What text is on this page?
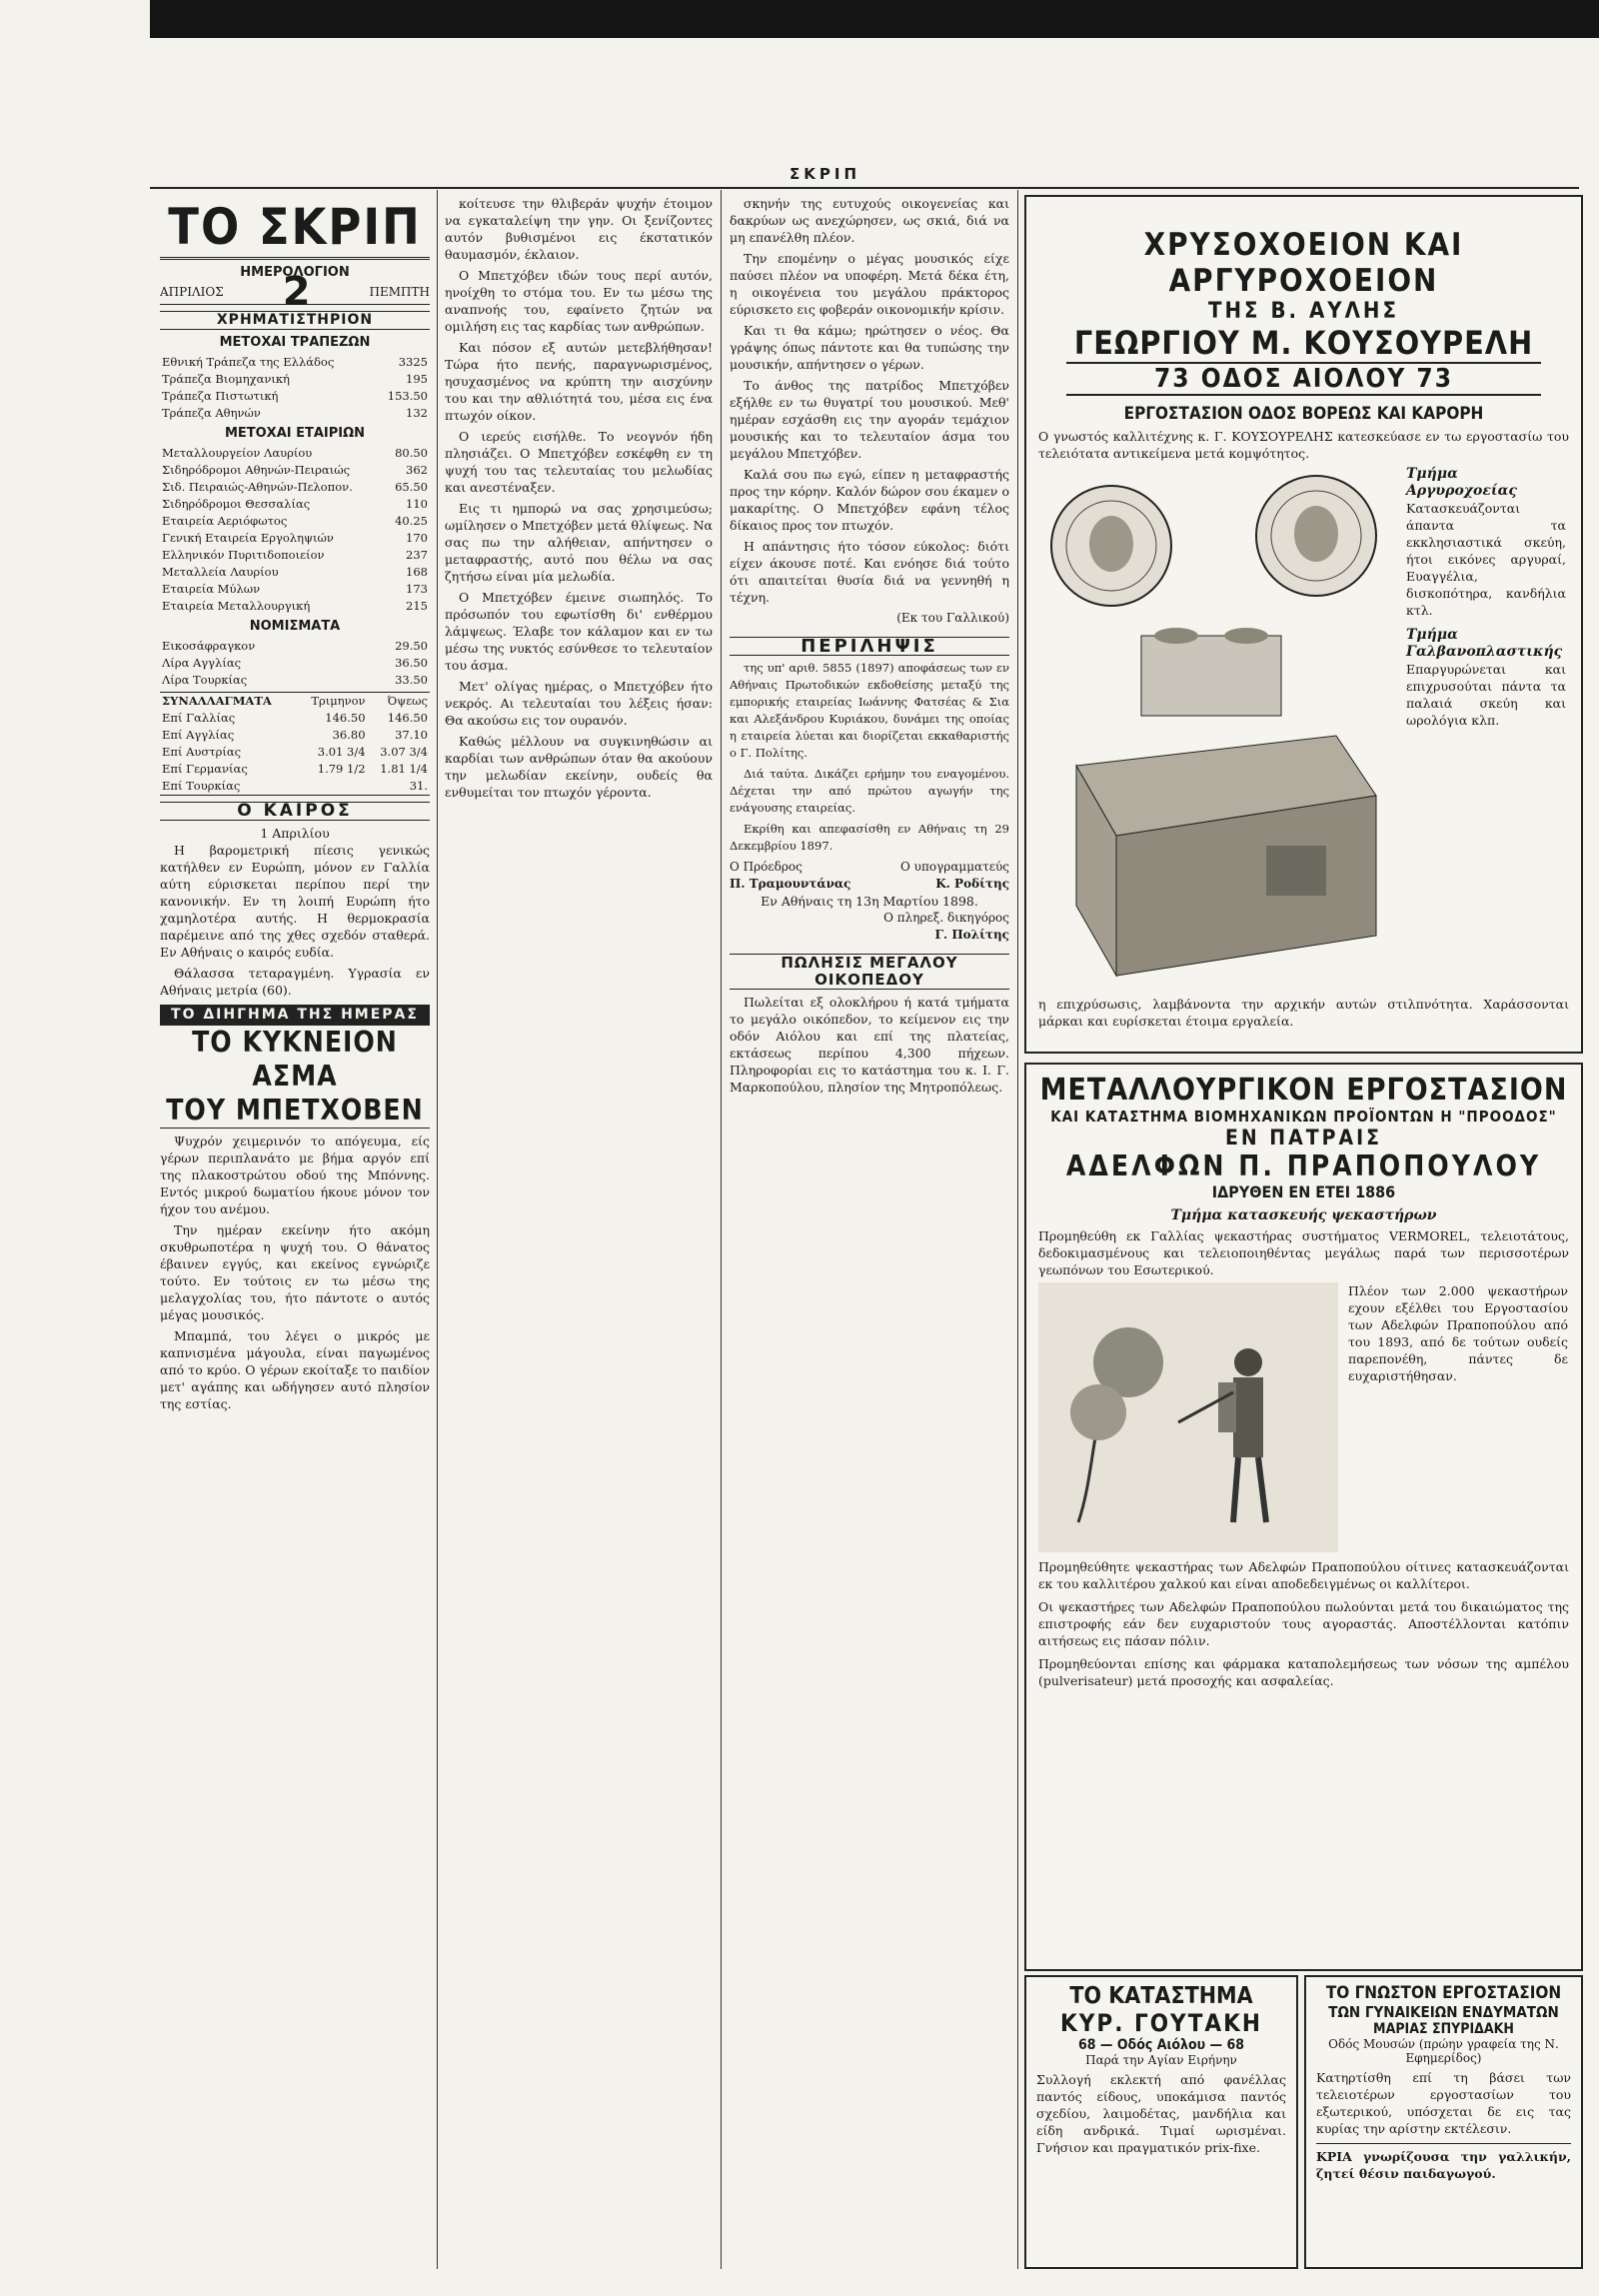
ΣΚΡΙΠ
ΤΟ ΣΚΡΙΠ
ΗΜΕΡΟΛΟΓΙΟΝ
ΑΠΡΙΛΙΟΣ 2	ΠΕΜΠΤΗ
ΧΡΗΜΑΤΙΣΤΗΡΙΟΝ
ΜΕΤΟΧΑΙ ΤΡΑΠΕΖΩΝ
Εθνική Τράπεζα της Ελλάδος	3325
Τράπεζα Βιομηχανική	195
Τράπεζα Πιστωτική	153.50
Τράπεζα Αθηνών	132
ΜΕΤΟΧΑΙ ΕΤΑΙΡΙΩΝ
Μεταλλουργείον Λαυρίου	80.50
Σιδηρόδρομοι Αθηνών-Πειραιώς	362
Σιδ. Πειραιώς-Αθηνών-Πελοπον.	65.50
Σιδηρόδρομοι Θεσσαλίας	110
Εταιρεία Αεριόφωτος	40.25
Γενική Εταιρεία Εργοληψιών	170
Ελληνικόν Πυριτιδοποιείον	237
Μεταλλεία Λαυρίου	168
Εταιρεία Μύλων	173
Εταιρεία Μεταλλουργική	215
ΝΟΜΙΣΜΑΤΑ
Εικοσάφραγκον	29.50
Λίρα Αγγλίας	36.50
Λίρα Τουρκίας	33.50
ΣΥΝΑΛΛΑΓΜΑΤΑ	Τριμηνον	Όψεως
Επί Γαλλίας	146.50	146.50
Επί Αγγλίας	36.80	37.10
Επί Αυστρίας	3.01 3/4	3.07 3/4
Επί Γερμανίας	1.79 1/2	1.81 1/4
Επί Τουρκίας		31.
Ο ΚΑΙΡΟΣ
1 Απριλίου

Η βαρομετρική πίεσις γενικώς κατήλθεν εν Ευρώπη, μόνον εν Γαλλία αύτη εύρισκεται περίπου περί την κανονικήν. Εν τη λοιπή Ευρώπη ήτο χαμηλοτέρα αυτής. Η θερμοκρασία παρέμεινε από της χθες σχεδόν σταθερά. Εν Αθήναις ο καιρός ευδία.

Θάλασσα τεταραγμένη. Υγρασία εν Αθήναις μετρία (60).

ΤΟ ΔΙΗΓΗΜΑ ΤΗΣ ΗΜΕΡΑΣ
ΤΟ ΚΥΚΝΕΙΟΝ ΑΣΜΑ
ΤΟΥ ΜΠΕΤΧΟΒΕΝ

Ψυχρόν χειμερινόν το απόγευμα, είς γέρων περιπλανάτο με βήμα αργόν επί της πλακοστρώτου οδού της Μπόννης. Εντός μικρού δωματίου ήκουε μόνον τον ήχον του ανέμου.

Την ημέραν εκείνην ήτο ακόμη σκυθρωποτέρα η ψυχή του. Ο θάνατος έβαινεν εγγύς, και εκείνος εγνώριζε τούτο. Εν τούτοις εν τω μέσω της μελαγχολίας του, ήτο πάντοτε ο αυτός μέγας μουσικός.

Μπαμπά, του λέγει ο μικρός με καπνισμένα μάγουλα, είναι παγωμένος από το κρύο. Ο γέρων εκοίταξε το παιδίον μετ' αγάπης και ωδήγησεν αυτό πλησίον της εστίας.

κοίτευσε την θλιβεράν ψυχήν έτοιμον να εγκαταλείψη την γην. Οι ξενίζοντες αυτόν βυθισμένοι εις έκστατικόν θαυμασμόν, έκλαιον.

Ο Μπετχόβεν ιδών τους περί αυτόν, ηνοίχθη το στόμα του. Εν τω μέσω της αναπνοής του, εφαίνετο ζητών να ομιλήση εις τας καρδίας των ανθρώπων.

Και πόσον εξ αυτών μετεβλήθησαν! Τώρα ήτο πενής, παραγνωρισμένος, ησυχασμένος να κρύπτη την αισχύνην του και την αθλιότητά του, μέσα εις ένα πτωχόν οίκον.

Ο ιερεύς εισήλθε. Το νεογνόν ήδη πλησιάζει. Ο Μπετχόβεν εσκέφθη εν τη ψυχή του τας τελευταίας του μελωδίας και ανεστέναξεν.

Εις τι ημπορώ να σας χρησιμεύσω; ωμίλησεν ο Μπετχόβεν μετά θλίψεως. Να σας πω την αλήθειαν, απήντησεν ο μεταφραστής, αυτό που θέλω να σας ζητήσω είναι μία μελωδία.

Ο Μπετχόβεν έμεινε σιωπηλός. Το πρόσωπόν του εφωτίσθη δι' ενθέρμου λάμψεως. Έλαβε τον κάλαμον και εν τω μέσω της νυκτός εσύνθεσε το τελευταίον του άσμα.

Μετ' ολίγας ημέρας, ο Μπετχόβεν ήτο νεκρός. Αι τελευταίαι του λέξεις ήσαν: Θα ακούσω εις τον ουρανόν.

Καθώς μέλλουν να συγκινηθώσιν αι καρδίαι των ανθρώπων όταν θα ακούουν την μελωδίαν εκείνην, ουδείς θα ενθυμείται τον πτωχόν γέροντα.

σκηνήν της ευτυχούς οικογενείας και δακρύων ως ανεχώρησεν, ως σκιά, διά να μη επανέλθη πλέον.

Την επομένην ο μέγας μουσικός είχε παύσει πλέον να υποφέρη. Μετά δέκα έτη, η οικογένεια του μεγάλου πράκτορος εύρισκετο εις φοβεράν οικονομικήν κρίσιν.

Και τι θα κάμω; ηρώτησεν ο νέος. Θα γράψης όπως πάντοτε και θα τυπώσης την μουσικήν, απήντησεν ο γέρων.

Το άνθος της πατρίδος Μπετχόβεν εξήλθε εν τω θυγατρί του μουσικού. Μεθ' ημέραν εσχάσθη εις την αγοράν τεμάχιον μουσικής και το τελευταίον άσμα του μεγάλου Μπετχόβεν.

Καλά σου πω εγώ, είπεν η μεταφραστής προς την κόρην. Καλόν δώρον σου έκαμεν ο μακαρίτης. Ο Μπετχόβεν εφάνη τέλος δίκαιος προς τον πτωχόν.

Η απάντησις ήτο τόσον εύκολος: διότι είχεν άκουσε ποτέ. Και ενόησε διά τούτο ότι απαιτείται θυσία διά να γεννηθή η τέχνη.

(Εκ του Γαλλικού)
ΠΕΡΙΛΗΨΙΣ

της υπ' αριθ. 5855 (1897) αποφάσεως των εν Αθήναις Πρωτοδικών εκδοθείσης μεταξύ της εμπορικής εταιρείας Ιωάννης Φατσέας & Σια και Αλεξάνδρου Κυριάκου, δυνάμει της οποίας η εταιρεία λύεται και διορίζεται εκκαθαριστής ο Γ. Πολίτης.

Διά ταύτα. Δικάζει ερήμην του εναγομένου. Δέχεται την από πρώτου αγωγήν της ενάγουσης εταιρείας.

Εκρίθη και απεφασίσθη εν Αθήναις τη 29 Δεκεμβρίου 1897.

Ο Πρόεδρος	Ο υπογραμματεύς
Π. Τραμουντάνας	Κ. Ροδίτης
Εν Αθήναις τη 13η Μαρτίου 1898.
Ο πληρεξ. δικηγόρος
Γ. Πολίτης
ΠΩΛΗΣΙΣ ΜΕΓΑΛΟΥ ΟΙΚΟΠΕΔΟΥ

Πωλείται εξ ολοκλήρου ή κατά τμήματα το μεγάλο οικόπεδον, το κείμενον εις την οδόν Αιόλου και επί της πλατείας, εκτάσεως περίπου 4,300 πήχεων. Πληροφορίαι εις το κατάστημα του κ. Ι. Γ. Μαρκοπούλου, πλησίον της Μητροπόλεως.

ΧΡΥΣΟΧΟΕΙΟΝ ΚΑΙ ΑΡΓΥΡΟΧΟΕΙΟΝ
ΤΗΣ Β. ΑΥΛΗΣ
ΓΕΩΡΓΙΟΥ Μ. ΚΟΥΣΟΥΡΕΛΗ
73 ΟΔΟΣ ΑΙΟΛΟΥ 73
ΕΡΓΟΣΤΑΣΙΟΝ ΟΔΟΣ ΒΟΡΕΩΣ ΚΑΙ ΚΑΡΟΡΗ
Ο γνωστός καλλιτέχνης κ. Γ. ΚΟΥΣΟΥΡΕΛΗΣ κατεσκεύασε εν τω εργοστασίω του τελειότατα αντικείμενα μετά κομψότητος.
Τμήμα Αργυροχοείας
Κατασκευάζονται άπαντα τα εκκλησιαστικά σκεύη, ήτοι εικόνες αργυραί, Ευαγγέλια, δισκοπότηρα, κανδήλια κτλ.
Τμήμα Γαλβανοπλαστικής
Επαργυρώνεται και επιχρυσούται πάντα τα παλαιά σκεύη και ωρολόγια κλπ.
η επιχρύσωσις, λαμβάνοντα την αρχικήν αυτών στιλπνότητα. Χαράσσονται μάρκαι και ευρίσκεται έτοιμα εργαλεία.
ΜΕΤΑΛΛΟΥΡΓΙΚΟΝ ΕΡΓΟΣΤΑΣΙΟΝ
ΚΑΙ ΚΑΤΑΣΤΗΜΑ ΒΙΟΜΗΧΑΝΙΚΩΝ ΠΡΟΪΟΝΤΩΝ Η "ΠΡΟΟΔΟΣ"
ΕΝ ΠΑΤΡΑΙΣ
ΑΔΕΛΦΩΝ Π. ΠΡΑΠΟΠΟΥΛΟΥ
ΙΔΡΥΘΕΝ ΕΝ ΕΤΕΙ 1886
Τμήμα κατασκευής ψεκαστήρων
Προμηθεύθη εκ Γαλλίας ψεκαστήρας συστήματος VERMOREL, τελειοτάτους, δεδοκιμασμένους και τελειοποιηθέντας μεγάλως παρά των περισσοτέρων γεωπόνων του Εσωτερικού.
Πλέον των 2.000 ψεκαστήρων εχουν εξέλθει του Εργοστασίου των Αδελφών Πραποπούλου από του 1893, από δε τούτων ουδείς παρεπονέθη, πάντες δε ευχαριστήθησαν.
Προμηθεύθητε ψεκαστήρας των Αδελφών Πραποπούλου οίτινες κατασκευάζονται εκ του καλλιτέρου χαλκού και είναι αποδεδειγμένως οι καλλίτεροι.
Οι ψεκαστήρες των Αδελφών Πραποπούλου πωλούνται μετά του δικαιώματος της επιστροφής εάν δεν ευχαριστούν τους αγοραστάς. Αποστέλλονται κατόπιν αιτήσεως εις πάσαν πόλιν.
Προμηθεύονται επίσης και φάρμακα καταπολεμήσεως των νόσων της αμπέλου (pulverisateur) μετά προσοχής και ασφαλείας.
ΤΟ ΚΑΤΑΣΤΗΜΑ
ΚΥΡ. ΓΟΥΤΑΚΗ
68 — Οδός Αιόλου — 68
Παρά την Αγίαν Ειρήνην
Συλλογή εκλεκτή από φανέλλας παντός είδους, υποκάμισα παντός σχεδίου, λαιμοδέτας, μανδήλια και είδη ανδρικά. Τιμαί ωρισμέναι. Γνήσιον και πραγματικόν prix-fixe.
ΤΟ ΓΝΩΣΤΟΝ ΕΡΓΟΣΤΑΣΙΟΝ
ΤΩΝ ΓΥΝΑΙΚΕΙΩΝ ΕΝΔΥΜΑΤΩΝ
ΜΑΡΙΑΣ ΣΠΥΡΙΔΑΚΗ
Οδός Μουσών (πρώην γραφεία της Ν. Εφημερίδος)
Κατηρτίσθη επί τη βάσει των τελειοτέρων εργοστασίων του εξωτερικού, υπόσχεται δε εις τας κυρίας την αρίστην εκτέλεσιν.
ΚΡΙΑ γνωρίζουσα την γαλλικήν, ζητεί θέσιν παιδαγωγού.
